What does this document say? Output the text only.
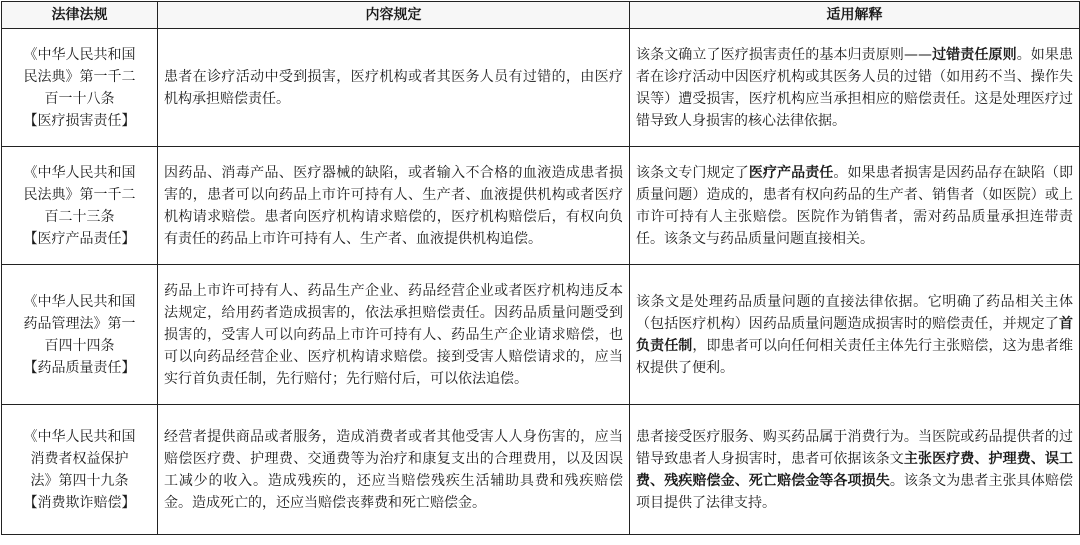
法律法规	内容规定	适用解释

《中华人民共和国
民法典》第一千二
百一十八条
【医疗损害责任】	患者在诊疗活动中受到损害，医疗机构或者其医务人员有过错的，由医疗机构承担赔偿责任。	该条文确立了医疗损害责任的基本归责原则——过错责任原则。如果患者在诊疗活动中因医疗机构或其医务人员的过错（如用药不当、操作失误等）遭受损害，医疗机构应当承担相应的赔偿责任。这是处理医疗过错导致人身损害的核心法律依据。

《中华人民共和国
民法典》第一千二
百二十三条
【医疗产品责任】	因药品、消毒产品、医疗器械的缺陷，或者输入不合格的血液造成患者损害的，患者可以向药品上市许可持有人、生产者、血液提供机构或者医疗机构请求赔偿。患者向医疗机构请求赔偿的，医疗机构赔偿后，有权向负有责任的药品上市许可持有人、生产者、血液提供机构追偿。	该条文专门规定了医疗产品责任。如果患者损害是因药品存在缺陷（即质量问题）造成的，患者有权向药品的生产者、销售者（如医院）或上市许可持有人主张赔偿。医院作为销售者，需对药品质量承担连带责任。该条文与药品质量问题直接相关。

《中华人民共和国
药品管理法》第一
百四十四条
【药品质量责任】	药品上市许可持有人、药品生产企业、药品经营企业或者医疗机构违反本法规定，给用药者造成损害的，依法承担赔偿责任。因药品质量问题受到损害的，受害人可以向药品上市许可持有人、药品生产企业请求赔偿，也可以向药品经营企业、医疗机构请求赔偿。接到受害人赔偿请求的，应当实行首负责任制，先行赔付；先行赔付后，可以依法追偿。	该条文是处理药品质量问题的直接法律依据。它明确了药品相关主体（包括医疗机构）因药品质量问题造成损害时的赔偿责任，并规定了首负责任制，即患者可以向任何相关责任主体先行主张赔偿，这为患者维权提供了便利。

《中华人民共和国
消费者权益保护
法》第四十九条
【消费欺诈赔偿】	经营者提供商品或者服务，造成消费者或者其他受害人人身伤害的，应当赔偿医疗费、护理费、交通费等为治疗和康复支出的合理费用，以及因误工减少的收入。造成残疾的，还应当赔偿残疾生活辅助具费和残疾赔偿金。造成死亡的，还应当赔偿丧葬费和死亡赔偿金。	患者接受医疗服务、购买药品属于消费行为。当医院或药品提供者的过错导致患者人身损害时，患者可依据该条文主张医疗费、护理费、误工费、残疾赔偿金、死亡赔偿金等各项损失。该条文为患者主张具体赔偿项目提供了法律支持。
